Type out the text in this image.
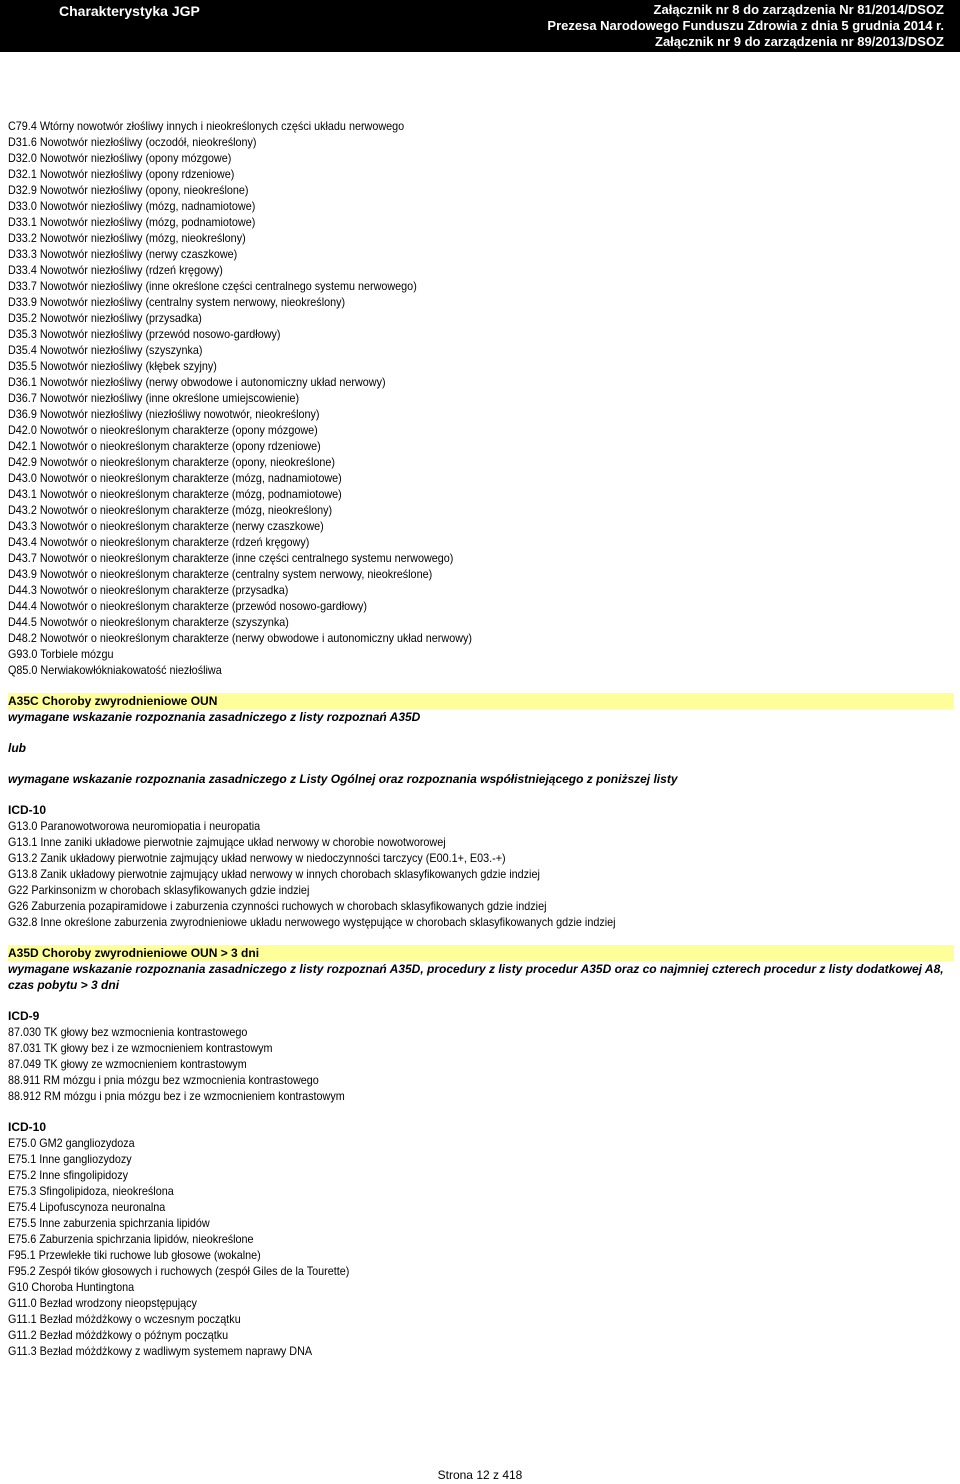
Charakterystyka JGP	Załącznik nr 8 do zarządzenia Nr 81/2014/DSOZ
Prezesa Narodowego Funduszu Zdrowia z dnia 5 grudnia 2014 r.
Załącznik nr 9 do zarządzenia nr 89/2013/DSOZ
C79.4 Wtórny nowotwór złośliwy innych i nieokreślonych części układu nerwowego
D31.6 Nowotwór niezłośliwy (oczodół, nieokreślony)
D32.0 Nowotwór niezłośliwy (opony mózgowe)
D32.1 Nowotwór niezłośliwy (opony rdzeniowe)
D32.9 Nowotwór niezłośliwy (opony, nieokreślone)
D33.0 Nowotwór niezłośliwy (mózg, nadnamiotowe)
D33.1 Nowotwór niezłośliwy (mózg, podnamiotowe)
D33.2 Nowotwór niezłośliwy (mózg, nieokreślony)
D33.3 Nowotwór niezłośliwy (nerwy czaszkowe)
D33.4 Nowotwór niezłośliwy (rdzeń kręgowy)
D33.7 Nowotwór niezłośliwy (inne określone części centralnego systemu nerwowego)
D33.9 Nowotwór niezłośliwy (centralny system nerwowy, nieokreślony)
D35.2 Nowotwór niezłośliwy (przysadka)
D35.3 Nowotwór niezłośliwy (przewód nosowo-gardłowy)
D35.4 Nowotwór niezłośliwy (szyszynka)
D35.5 Nowotwór niezłośliwy (kłębek szyjny)
D36.1 Nowotwór niezłośliwy (nerwy obwodowe i autonomiczny układ nerwowy)
D36.7 Nowotwór niezłośliwy (inne określone umiejscowienie)
D36.9 Nowotwór niezłośliwy (niezłośliwy nowotwór, nieokreślony)
D42.0 Nowotwór o nieokreślonym charakterze (opony mózgowe)
D42.1 Nowotwór o nieokreślonym charakterze (opony rdzeniowe)
D42.9 Nowotwór o nieokreślonym charakterze (opony, nieokreślone)
D43.0 Nowotwór o nieokreślonym charakterze (mózg, nadnamiotowe)
D43.1 Nowotwór o nieokreślonym charakterze (mózg, podnamiotowe)
D43.2 Nowotwór o nieokreślonym charakterze (mózg, nieokreślony)
D43.3 Nowotwór o nieokreślonym charakterze (nerwy czaszkowe)
D43.4 Nowotwór o nieokreślonym charakterze (rdzeń kręgowy)
D43.7 Nowotwór o nieokreślonym charakterze (inne części centralnego systemu nerwowego)
D43.9 Nowotwór o nieokreślonym charakterze (centralny system nerwowy, nieokreślone)
D44.3 Nowotwór o nieokreślonym charakterze (przysadka)
D44.4 Nowotwór o nieokreślonym charakterze (przewód nosowo-gardłowy)
D44.5 Nowotwór o nieokreślonym charakterze (szyszynka)
D48.2 Nowotwór o nieokreślonym charakterze (nerwy obwodowe i autonomiczny układ nerwowy)
G93.0 Torbiele mózgu
Q85.0 Nerwiakowłókniakowatość niezłośliwa
A35C Choroby zwyrodnieniowe OUN
wymagane wskazanie rozpoznania zasadniczego z listy rozpoznań A35D
lub
wymagane wskazanie rozpoznania zasadniczego z Listy Ogólnej oraz rozpoznania współistniejącego z poniższej listy
ICD-10
G13.0 Paranowotworowa neuromiopatia i neuropatia
G13.1 Inne zaniki układowe pierwotnie zajmujące układ nerwowy w chorobie nowotworowej
G13.2 Zanik układowy pierwotnie zajmujący układ nerwowy w niedoczynności tarczycy (E00.1+, E03.-+)
G13.8 Zanik układowy pierwotnie zajmujący układ nerwowy w innych chorobach sklasyfikowanych gdzie indziej
G22 Parkinsonizm w chorobach sklasyfikowanych gdzie indziej
G26 Zaburzenia pozapiramidowe i zaburzenia czynności ruchowych w chorobach sklasyfikowanych gdzie indziej
G32.8 Inne określone zaburzenia zwyrodnieniowe układu nerwowego występujące w chorobach sklasyfikowanych gdzie indziej
A35D Choroby zwyrodnieniowe OUN > 3 dni
wymagane wskazanie rozpoznania zasadniczego z listy rozpoznań A35D, procedury z listy procedur A35D oraz co najmniej czterech procedur z listy dodatkowej A8, czas pobytu > 3 dni
ICD-9
87.030 TK głowy bez wzmocnienia kontrastowego
87.031 TK głowy bez i ze wzmocnieniem kontrastowym
87.049 TK głowy ze wzmocnieniem kontrastowym
88.911 RM mózgu i pnia mózgu bez wzmocnienia kontrastowego
88.912 RM mózgu i pnia mózgu bez i ze wzmocnieniem kontrastowym
ICD-10
E75.0 GM2 gangliozydoza
E75.1 Inne gangliozydozy
E75.2 Inne sfingolipidozy
E75.3 Sfingolipidoza, nieokreślona
E75.4 Lipofuscynoza neuronalna
E75.5 Inne zaburzenia spichrzania lipidów
E75.6 Zaburzenia spichrzania lipidów, nieokreślone
F95.1 Przewlekłe tiki ruchowe lub głosowe (wokalne)
F95.2 Zespół tików głosowych i ruchowych (zespół Giles de la Tourette)
G10 Choroba Huntingtona
G11.0 Bezład wrodzony nieopstępujący
G11.1 Bezład móżdżkowy o wczesnym początku
G11.2 Bezład móżdżkowy o późnym początku
G11.3 Bezład móżdżkowy z wadliwym systemem naprawy DNA
Strona 12 z 418
